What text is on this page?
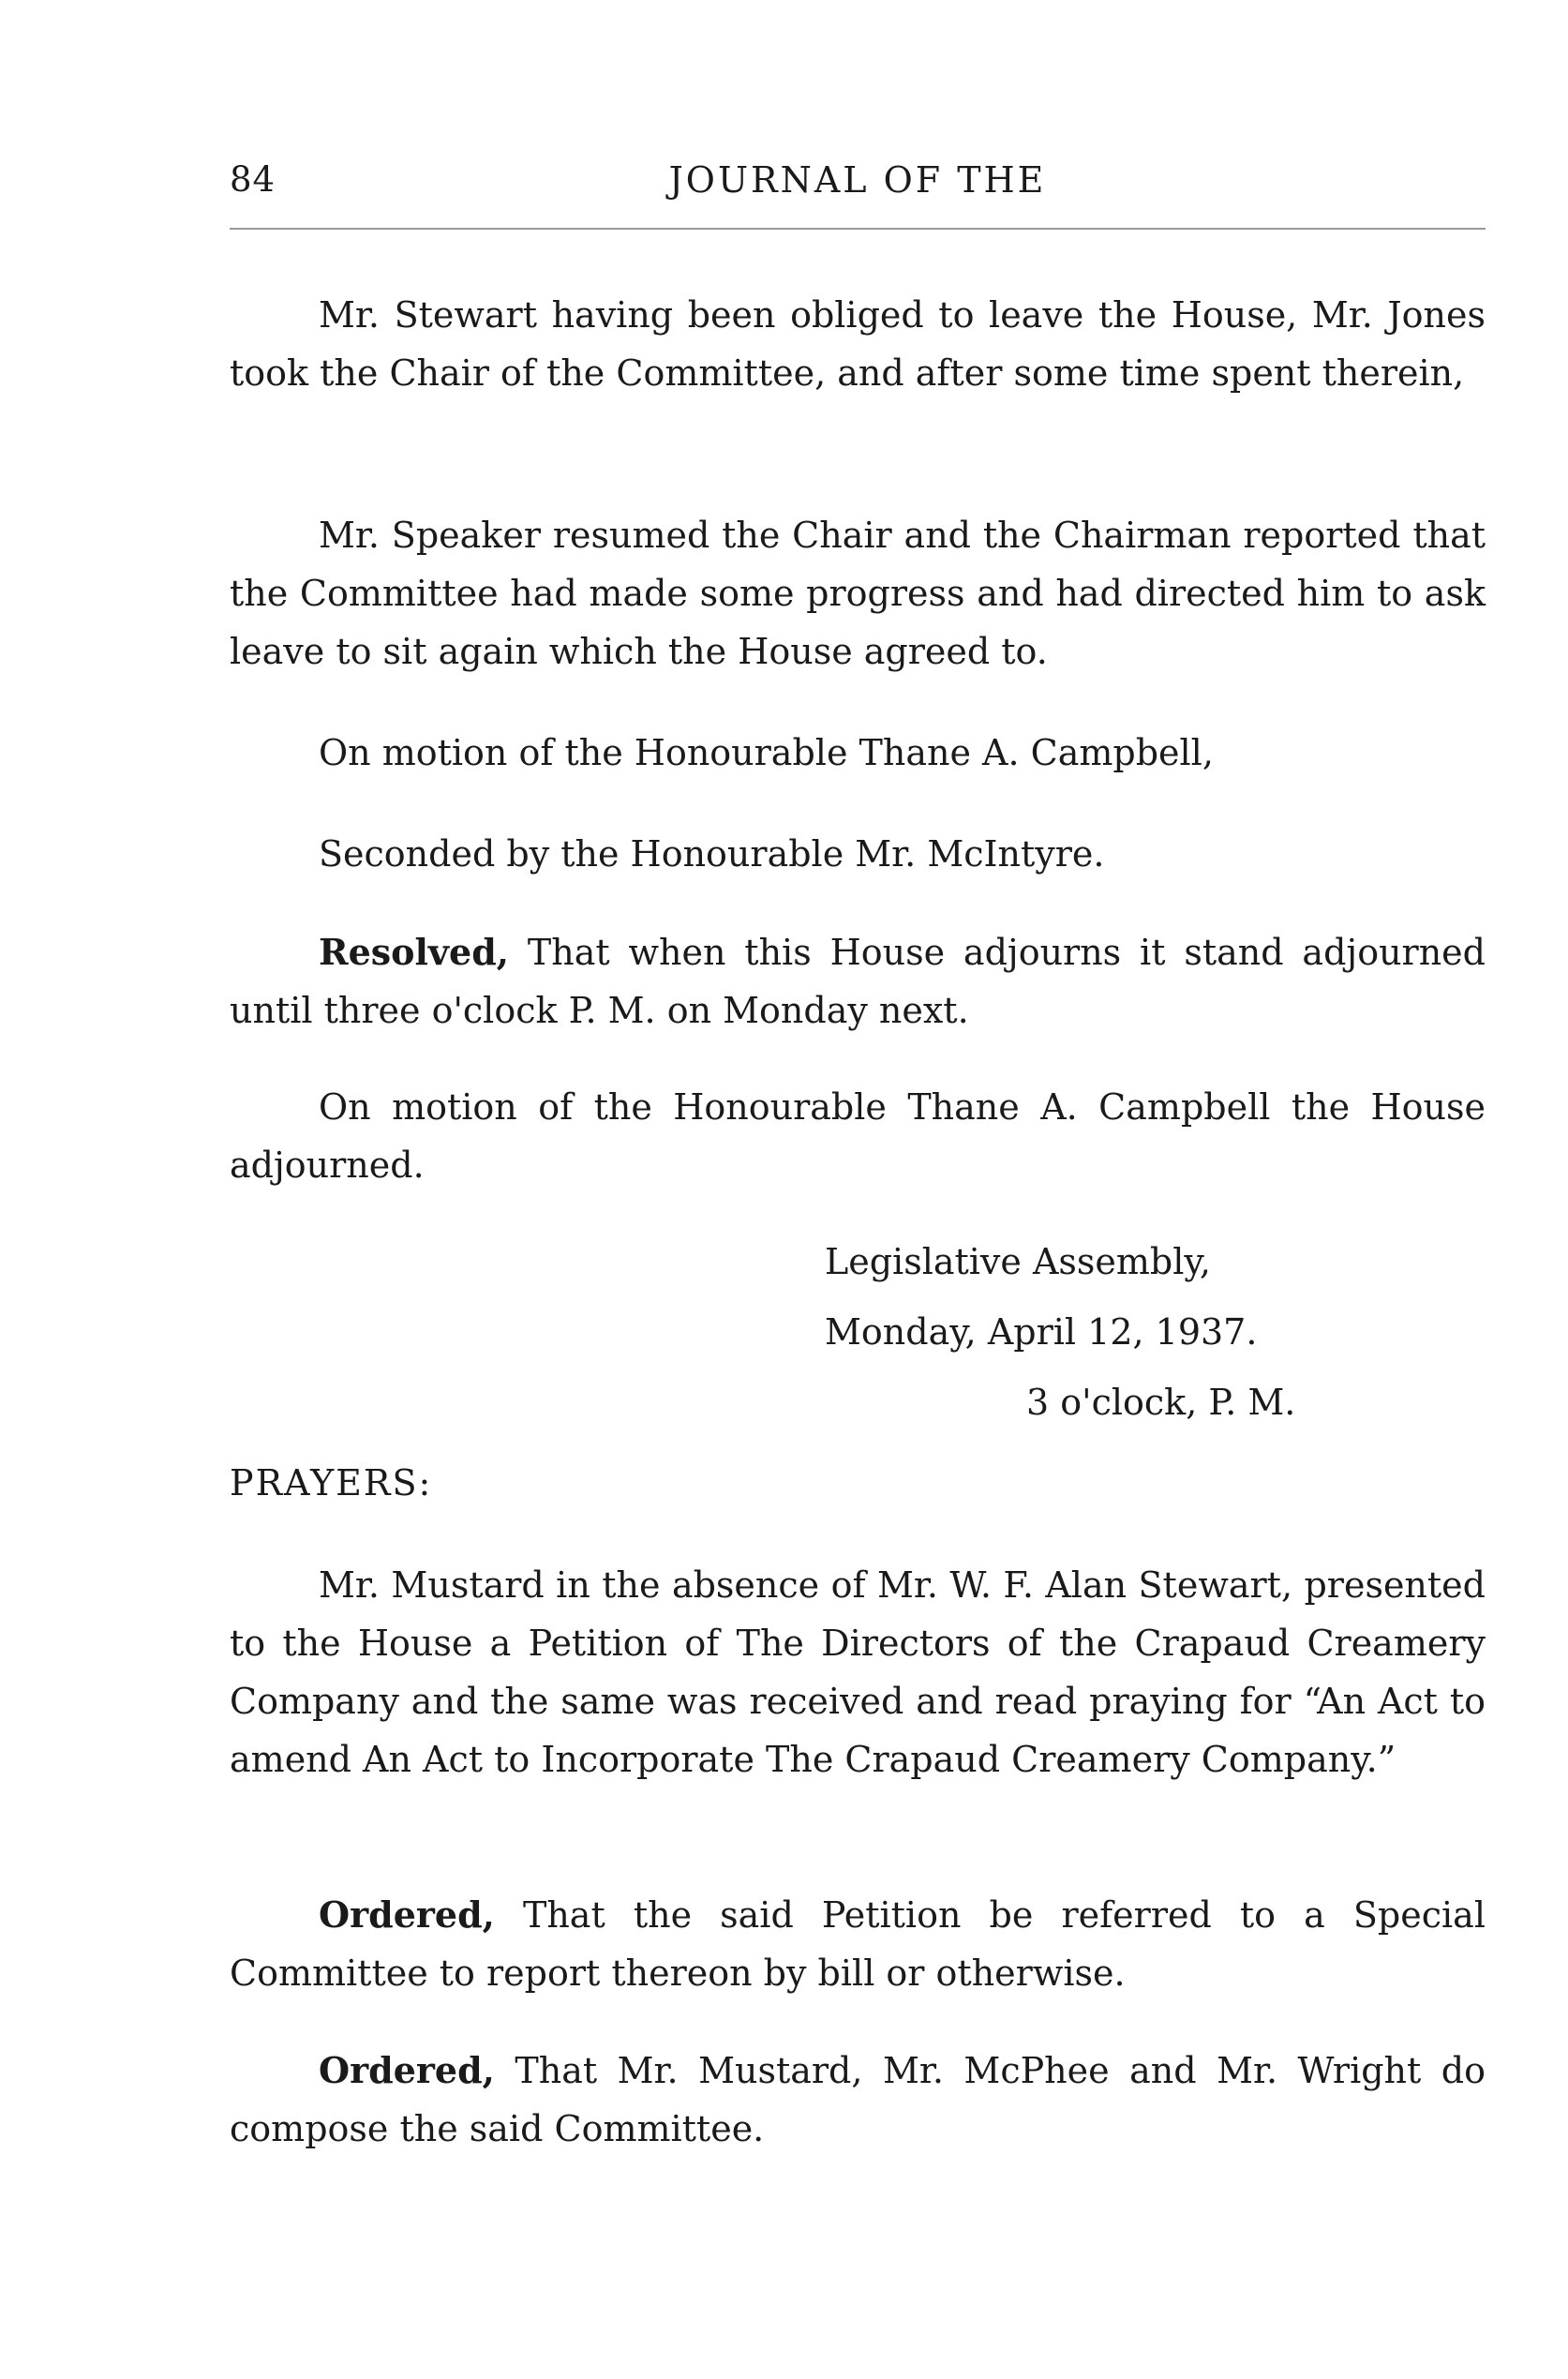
84	JOURNAL OF THE

Mr. Stewart having been obliged to leave the House, Mr. Jones took the Chair of the Committee, and after some time spent therein,

Mr. Speaker resumed the Chair and the Chairman reported that the Committee had made some progress and had directed him to ask leave to sit again which the House agreed to.

On motion of the Honourable Thane A. Campbell,

Seconded by the Honourable Mr. McIntyre.

Resolved, That when this House adjourns it stand adjourned until three o'clock P. M. on Monday next.

On motion of the Honourable Thane A. Campbell the House adjourned.

Legislative Assembly,

Monday, April 12, 1937.

3 o'clock, P. M.

PRAYERS:

Mr. Mustard in the absence of Mr. W. F. Alan Stewart, presented to the House a Petition of The Directors of the Crapaud Creamery Company and the same was received and read praying for “An Act to amend An Act to Incorporate The Crapaud Creamery Company.”

Ordered, That the said Petition be referred to a Special Committee to report thereon by bill or otherwise.

Ordered, That Mr. Mustard, Mr. McPhee and Mr. Wright do compose the said Committee.
